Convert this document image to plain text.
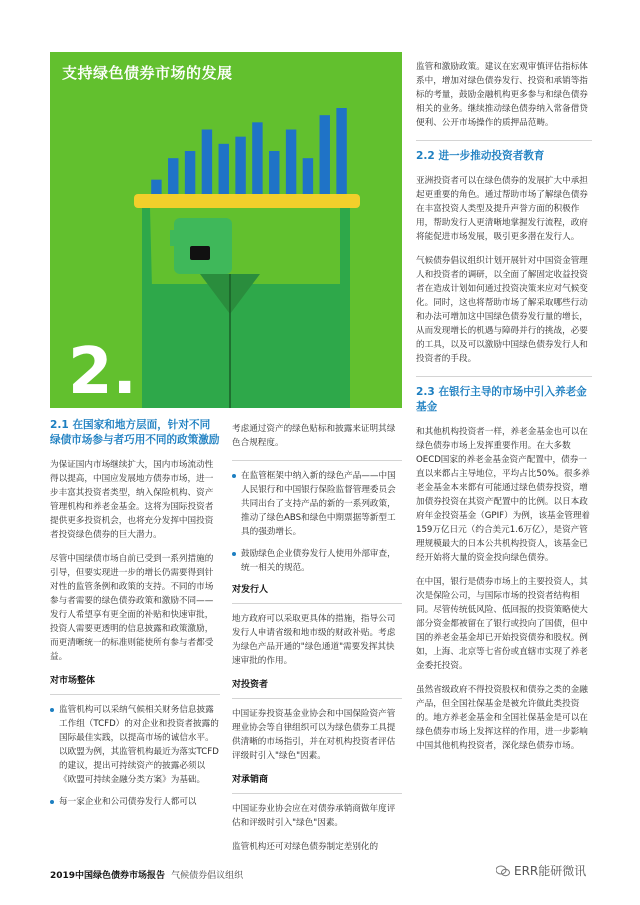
支持绿色债券市场的发展
2.
2.1 在国家和地方层面，针对不同绿债市场参与者巧用不同的政策激励

为保证国内市场继续扩大，国内市场流动性得以提高，中国应发展地方债券市场，进一步丰富其投资者类型，纳入保险机构、资产管理机构和养老金基金。这将为国际投资者提供更多投资机会，也将充分发挥中国投资者投资绿色债券的巨大潜力。

尽管中国绿债市场自前已受到一系列措施的引导，但要实现进一步的增长仍需要得到针对性的监管条例和政策的支持。不同的市场参与者需要的绿色债券政策和激励不同——发行人希望享有更全面的补贴和快速审批，投资人需要更透明的信息披露和政策激励，而更清晰统一的标准则能使所有参与者都受益。

对市场整体
监管机构可以采纳气候相关财务信息披露工作组（TCFD）的对企业和投资者披露的国际最佳实践，以提高市场的诚信水平。以欧盟为例，其监管机构最近为落实TCFD的建议，提出可持续资产的披露必须以《欧盟可持续金融分类方案》为基础。
每一家企业和公司债券发行人都可以

考虑通过资产的绿色贴标和披露来证明其绿色合规程度。

在监管框架中纳入新的绿色产品——中国人民银行和中国银行保险监督管理委员会共同出台了支持产品的新的一系列政策，推动了绿色ABS和绿色中期票据等新型工具的强劲增长。
鼓励绿色企业债券发行人使用外部审查，统一相关的规范。
对发行人

地方政府可以采取更具体的措施，指导公司发行人申请省级和地市级的财政补贴。考虑为绿色产品开通的"绿色通道"需要发挥其快速审批的作用。

对投资者

中国证券投资基金业协会和中国保险资产管理业协会等自律组织可以为绿色债券工具提供清晰的市场指引，并在对机构投资者评估评级时引入"绿色"因素。

对承销商

中国证券业协会应在对债券承销商做年度评估和评级时引入"绿色"因素。

监管机构还可对绿色债券制定差别化的

监管和激励政策。建议在宏观审慎评估指标体系中，增加对绿色债券发行、投资和承销等指标的考量，鼓励金融机构更多参与和绿色债券相关的业务。继续推动绿色债券纳入常备借贷便利、公开市场操作的质押品范畴。

2.2 进一步推动投资者教育

亚洲投资者可以在绿色债券的发展扩大中承担起更重要的角色。通过帮助市场了解绿色债券在丰富投资人类型及提升声誉方面的积极作用，帮助发行人更清晰地掌握发行流程，政府将能促进市场发展，吸引更多潜在发行人。

气候债券倡议组织计划开展针对中国资金管理人和投资者的调研，以全面了解固定收益投资者在造成计划如何通过投资决策来应对气候变化。同时，这也将帮助市场了解采取哪些行动和办法可增加这中国绿色债券发行量的增长，从而发现增长的机遇与障碍并行的挑战，必要的工具，以及可以激励中国绿色债券发行人和投资者的手段。

2.3 在银行主导的市场中引入养老金基金

和其他机构投资者一样，养老金基金也可以在绿色债券市场上发挥重要作用。在大多数OECD国家的养老金基金资产配置中，债券一直以来都占主导地位，平均占比50%。很多养老金基金本来都有可能通过绿色债券投资，增加债券投资在其资产配置中的比例。以日本政府年金投资基金（GPIF）为例，该基金管理着159万亿日元（约合美元1.6万亿），是资产管理规模最大的日本公共机构投资人，该基金已经开始将大量的资金投向绿色债券。

在中国，银行是债券市场上的主要投资人，其次是保险公司，与国际市场的投资者结构相同。尽管传统低风险、低回报的投资策略使大部分资金都被留在了银行或投向了国债，但中国的养老金基金却已开始投资债券和股权。例如，上海、北京等七省份或直辖市实现了养老金委托投资。

虽然省级政府不得投资股权和债券之类的金融产品，但全国社保基金是被允许做此类投资的。地方养老金基金和全国社保基金是可以在绿色债券市场上发挥这样的作用，进一步影响中国其他机构投资者，深化绿色债券市场。

2019中国绿色债券市场报告 气候债券倡议组织	ERR能研微讯
